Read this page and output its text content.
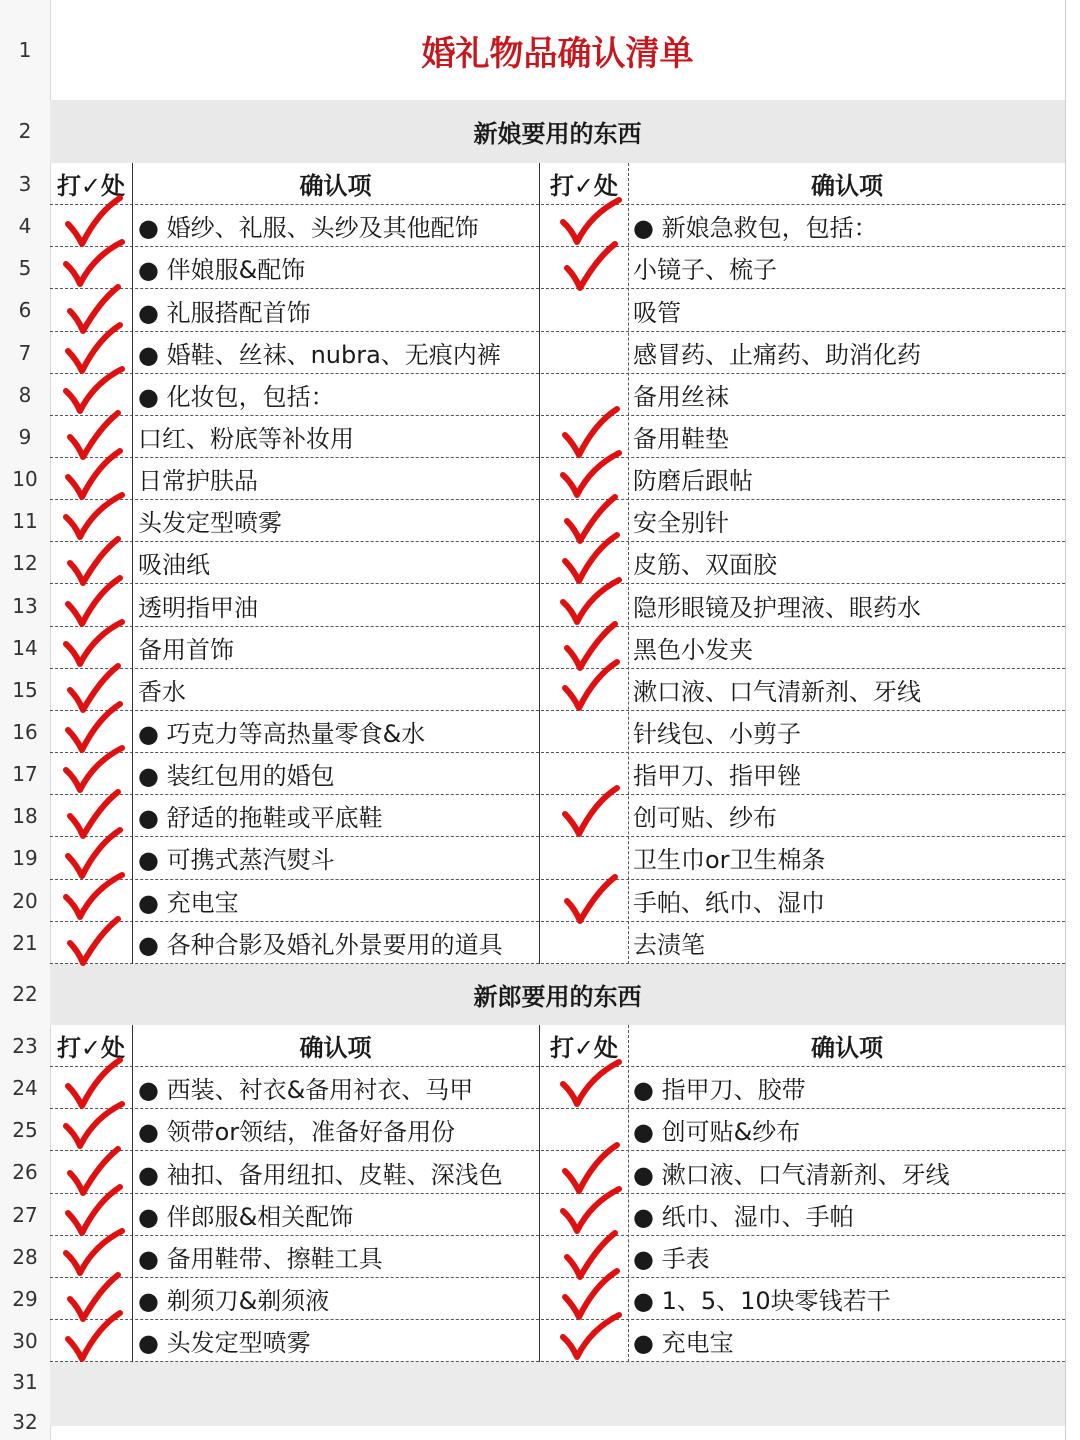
婚礼物品确认清单
新娘要用的东西
新郎要用的东西
打✓处	确认项	打✓处	确认项
● 婚纱、礼服、头纱及其他配饰	● 新娘急救包，包括：
● 伴娘服&配饰	小镜子、梳子
● 礼服搭配首饰	吸管
● 婚鞋、丝袜、nubra、无痕内裤	感冒药、止痛药、助消化药
● 化妆包，包括：	备用丝袜
口红、粉底等补妆用	备用鞋垫
日常护肤品	防磨后跟帖
头发定型喷雾	安全别针
吸油纸	皮筋、双面胶
透明指甲油	隐形眼镜及护理液、眼药水
备用首饰	黑色小发夹
香水	漱口液、口气清新剂、牙线
● 巧克力等高热量零食&水	针线包、小剪子
● 装红包用的婚包	指甲刀、指甲锉
● 舒适的拖鞋或平底鞋	创可贴、纱布
● 可携式蒸汽熨斗	卫生巾or卫生棉条
● 充电宝	手帕、纸巾、湿巾
● 各种合影及婚礼外景要用的道具	去渍笔
打✓处	确认项	打✓处	确认项
● 西装、衬衣&备用衬衣、马甲	● 指甲刀、胶带
● 领带or领结，准备好备用份	● 创可贴&纱布
● 袖扣、备用纽扣、皮鞋、深浅色	● 漱口液、口气清新剂、牙线
● 伴郎服&相关配饰	● 纸巾、湿巾、手帕
● 备用鞋带、擦鞋工具	● 手表
● 剃须刀&剃须液	● 1、5、10块零钱若干
● 头发定型喷雾	● 充电宝
1
2
3
4
5
6
7
8
9
10
11
12
13
14
15
16
17
18
19
20
21
22
23
24
25
26
27
28
29
30
31
32
